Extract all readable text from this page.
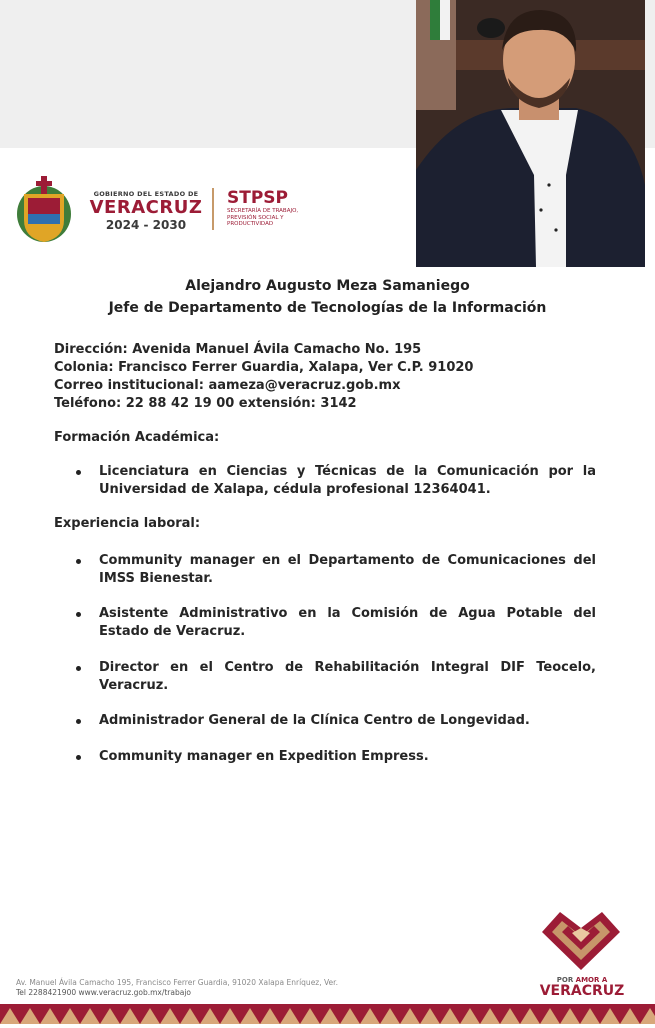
GOBIERNO DEL ESTADO DE
VERACRUZ
2024 - 2030
STPSP
SECRETARÍA DE TRABAJO, PREVISIÓN SOCIAL Y PRODUCTIVIDAD
Alejandro Augusto Meza Samaniego
Jefe de Departamento de Tecnologías de la Información
Dirección: Avenida Manuel Ávila Camacho No. 195
Colonia: Francisco Ferrer Guardia, Xalapa, Ver C.P. 91020
Correo institucional: aameza@veracruz.gob.mx
Teléfono: 22 88 42 19 00 extensión: 3142
Formación Académica:
Licenciatura en Ciencias y Técnicas de la Comunicación por la Universidad de Xalapa, cédula profesional 12364041.
Experiencia laboral:
Community manager en el Departamento de Comunicaciones del IMSS Bienestar.
Asistente Administrativo en la Comisión de Agua Potable del Estado de Veracruz.
Director en el Centro de Rehabilitación Integral DIF Teocelo, Veracruz.
Administrador General de la Clínica Centro de Longevidad.
Community manager en Expedition Empress.
POR AMOR A
VERACRUZ
Av. Manuel Ávila Camacho 195, Francisco Ferrer Guardia, 91020 Xalapa Enríquez, Ver.
Tel 2288421900 www.veracruz.gob.mx/trabajo
